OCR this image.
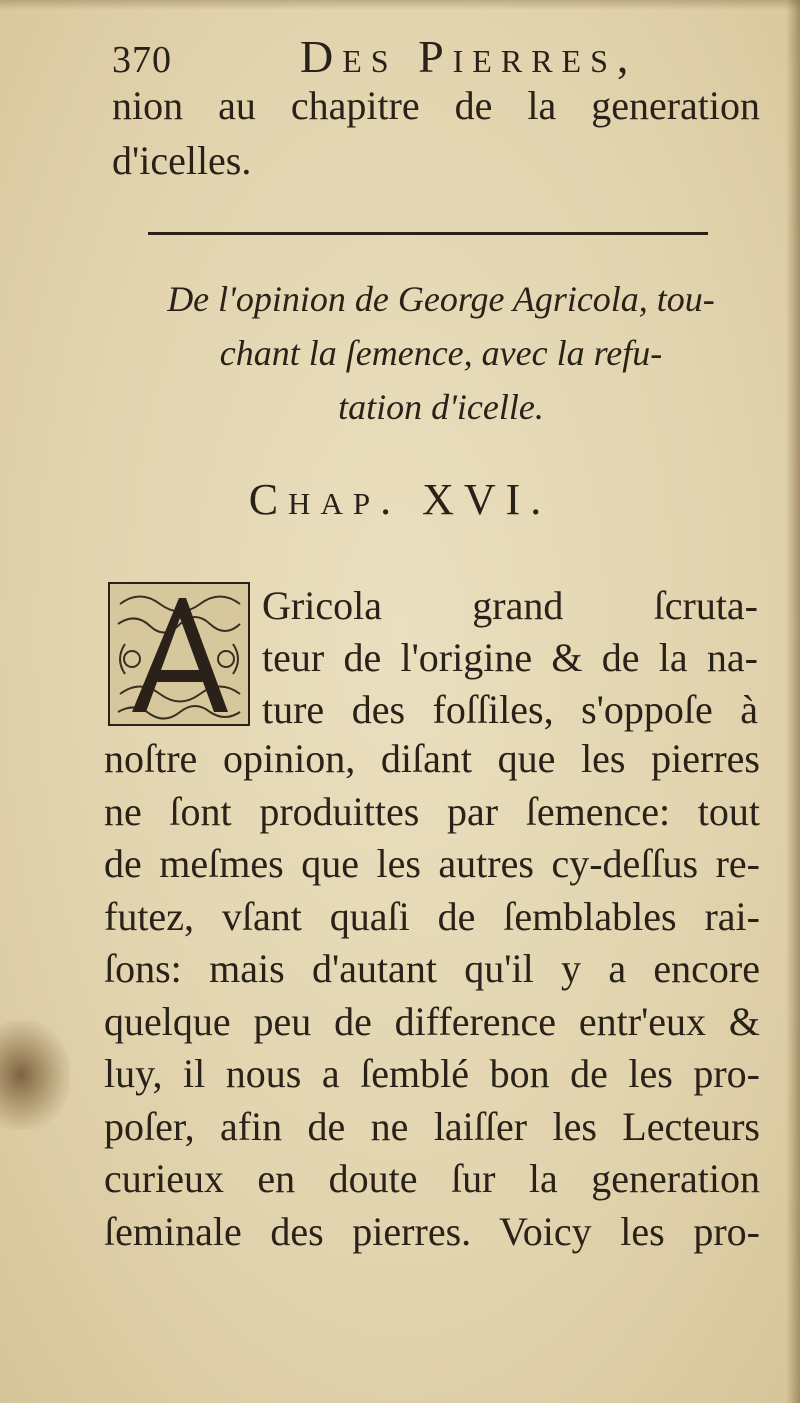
370	Des Pierres,
nion au chapitre de la generation
d'icelles.
De l'opinion de George Agricola, tou-
chant la ſemence, avec la refu-
tation d'icelle.
Chap. XVI.
Gricola grand ſcruta-
teur de l'origine & de la na-
ture des foſſiles, s'oppoſe à
noſtre opinion, diſant que les pierres
ne ſont produittes par ſemence: tout
de meſmes que les autres cy-deſſus re-
futez, vſant quaſi de ſemblables rai-
ſons: mais d'autant qu'il y a encore
quelque peu de difference entr'eux &
luy, il nous a ſemblé bon de les pro-
poſer, afin de ne laiſſer les Lecteurs
curieux en doute ſur la generation
ſeminale des pierres. Voicy les pro-
